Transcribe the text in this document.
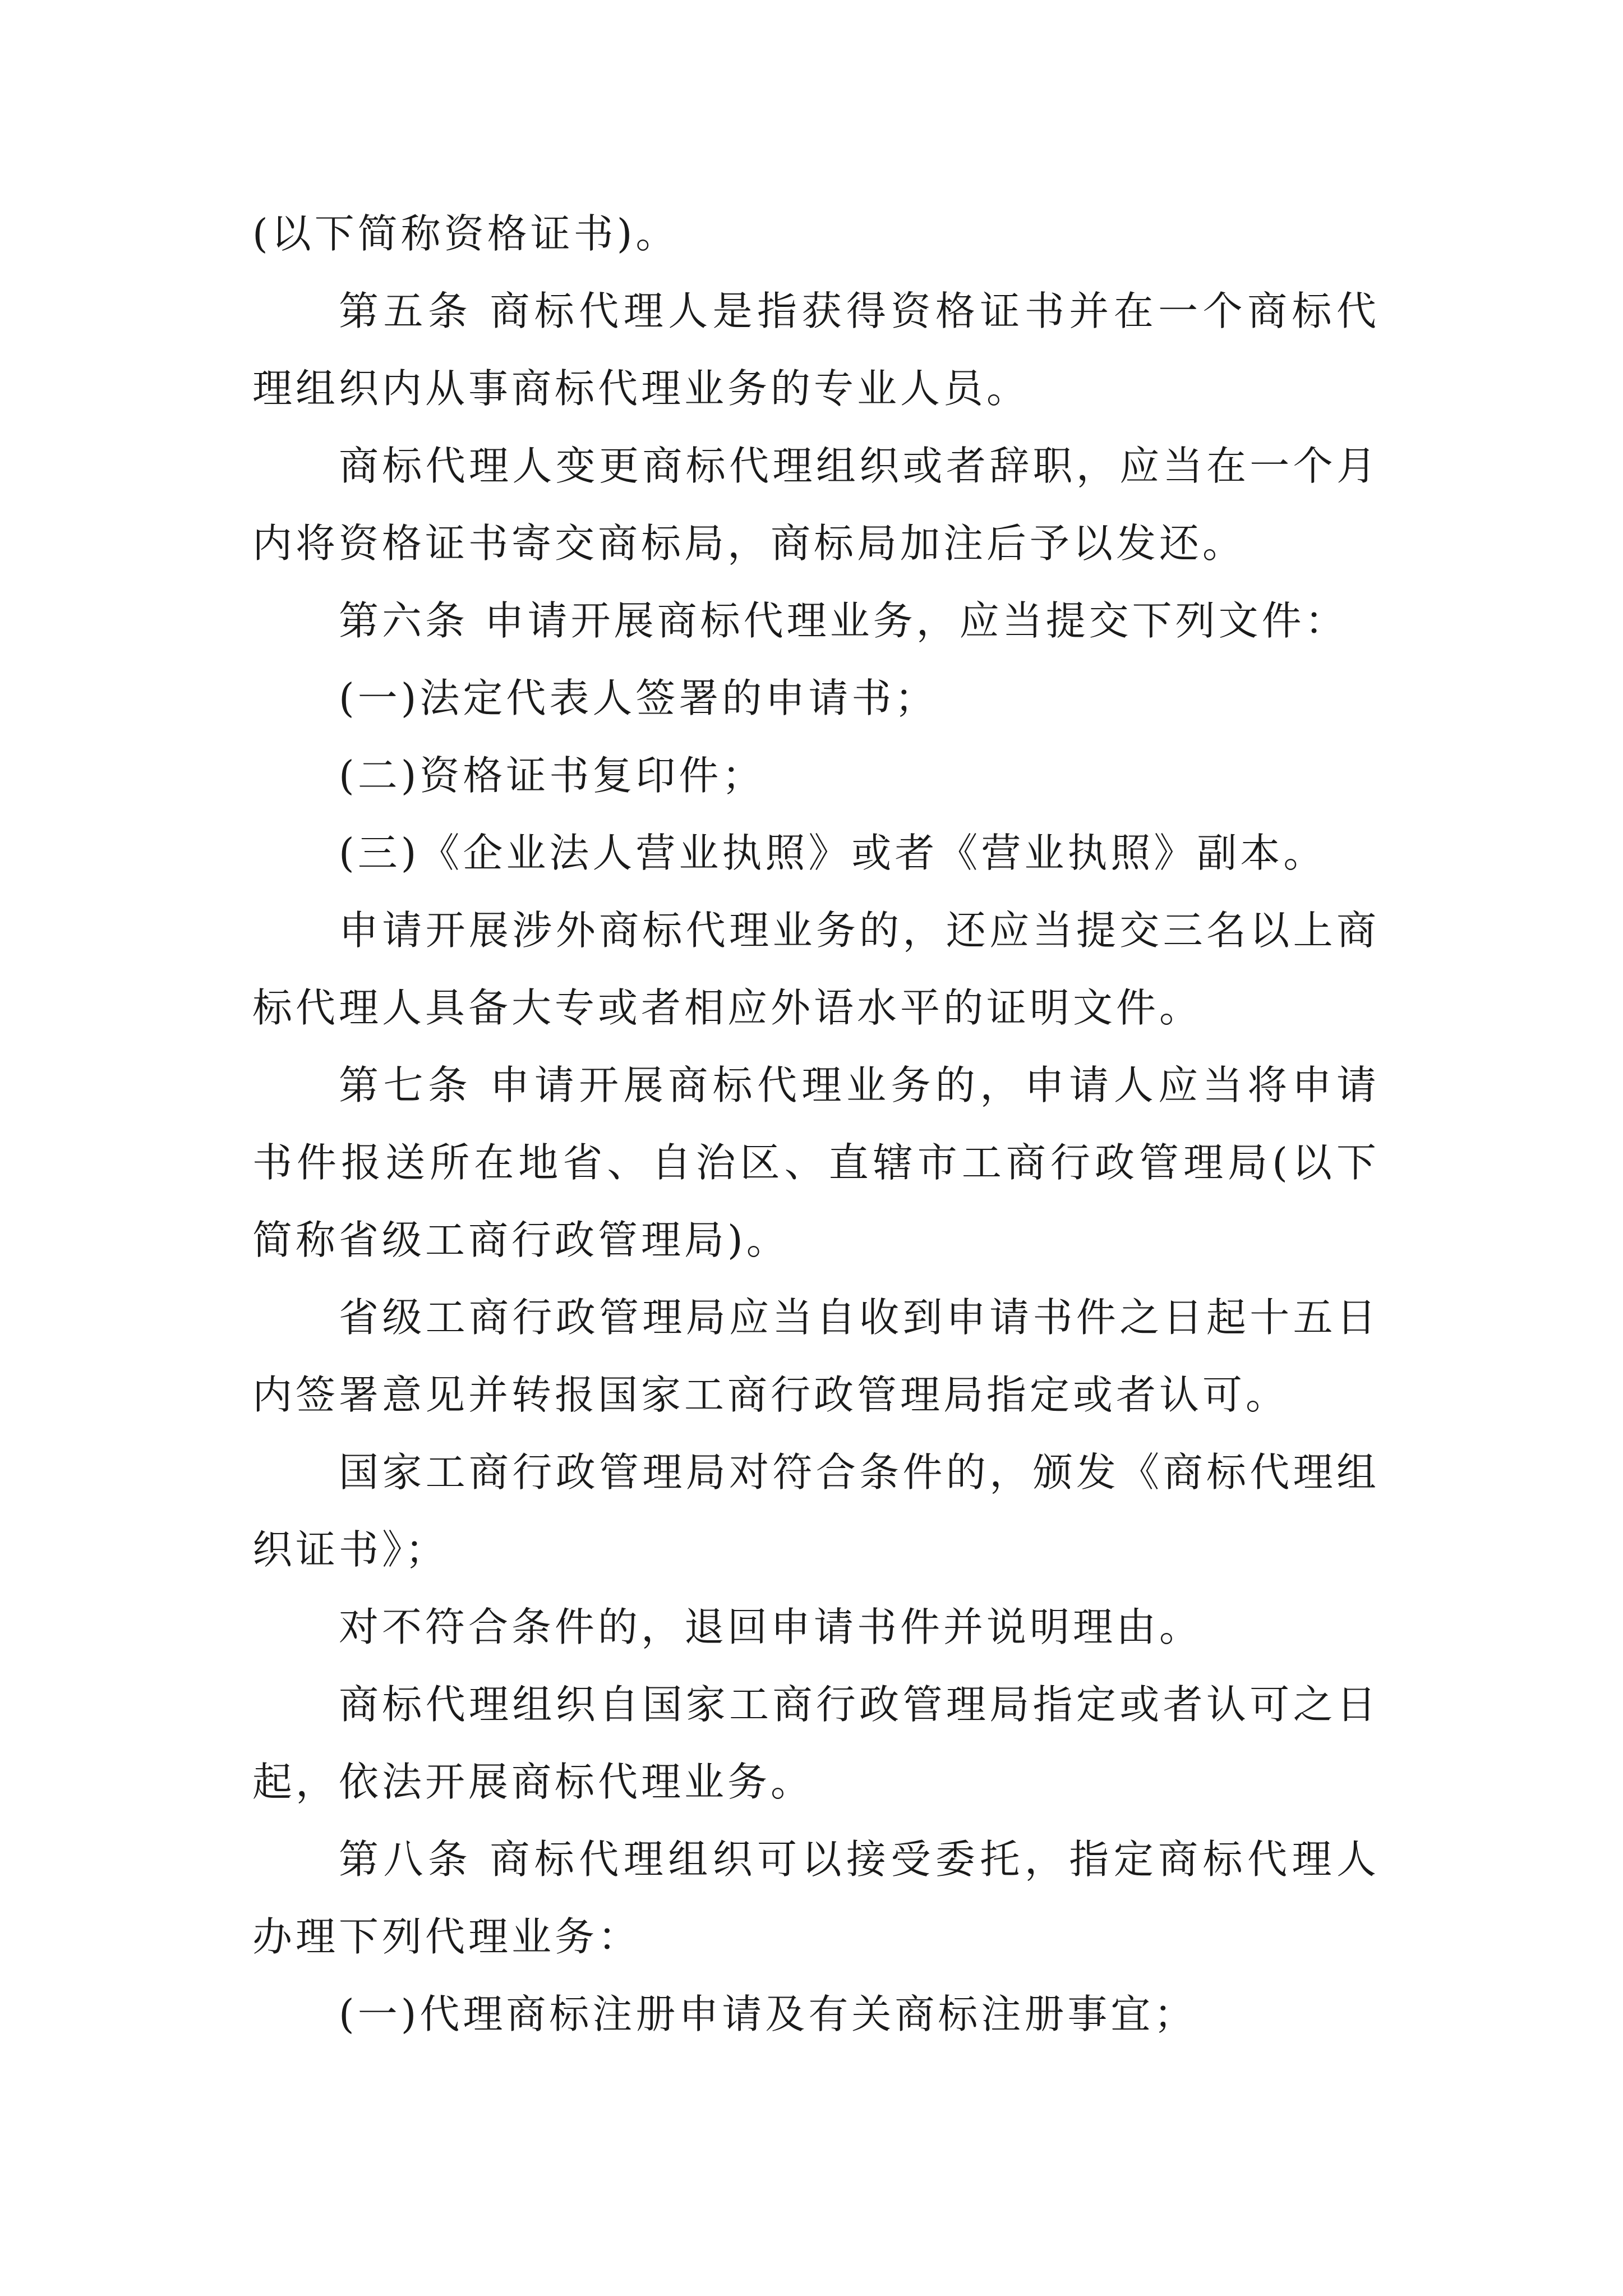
(以下简称资格证书)。

第五条 商标代理人是指获得资格证书并在一个商标代理组织内从事商标代理业务的专业人员。

商标代理人变更商标代理组织或者辞职，应当在一个月内将资格证书寄交商标局，商标局加注后予以发还。

第六条 申请开展商标代理业务，应当提交下列文件：

(一)法定代表人签署的申请书；

(二)资格证书复印件；

(三)《企业法人营业执照》或者《营业执照》副本。

申请开展涉外商标代理业务的，还应当提交三名以上商标代理人具备大专或者相应外语水平的证明文件。

第七条 申请开展商标代理业务的，申请人应当将申请书件报送所在地省、自治区、直辖市工商行政管理局(以下简称省级工商行政管理局)。

省级工商行政管理局应当自收到申请书件之日起十五日内签署意见并转报国家工商行政管理局指定或者认可。

国家工商行政管理局对符合条件的，颁发《商标代理组织证书》；

对不符合条件的，退回申请书件并说明理由。

商标代理组织自国家工商行政管理局指定或者认可之日起，依法开展商标代理业务。

第八条 商标代理组织可以接受委托，指定商标代理人办理下列代理业务：

(一)代理商标注册申请及有关商标注册事宜；
